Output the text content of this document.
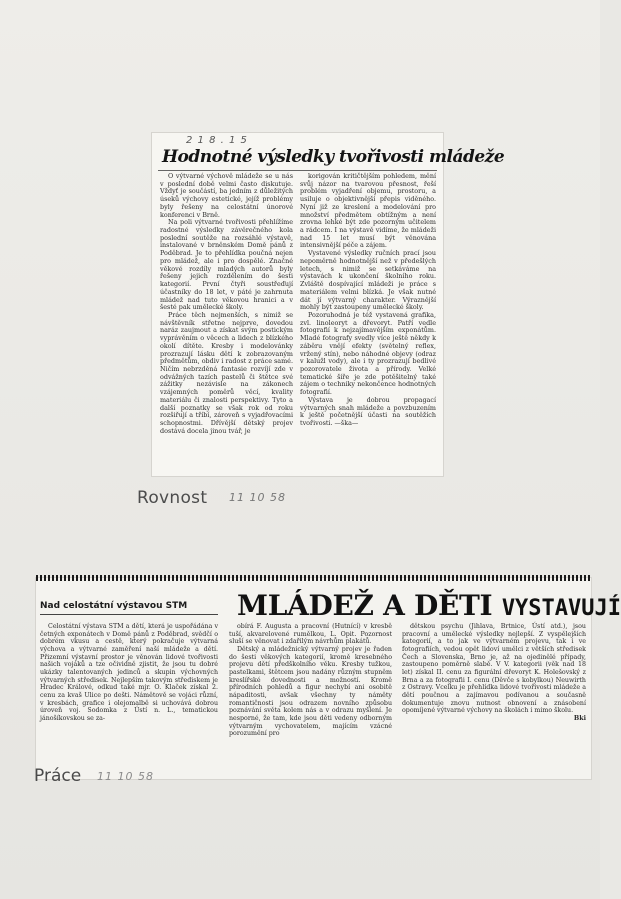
2 1 8 . 1 5
Hodnotné výsledky tvořivosti mládeže

O výtvarné výchově mládeže se u nás v poslední době velmi často diskutuje. Vždyť je součástí, ba jedním z důležitých úseků výchovy estetické, jejíž problémy byly řešeny na celostátní únorové konferenci v Brně.

Na poli výtvarné tvořivosti přehlížíme radostné výsledky závěrečného kola poslední soutěže na rozsáhlé výstavě, instalované v brněnském Domě pánů z Poděbrad. Je to přehlídka poučná nejen pro mládež, ale i pro dospělé. Značné věkové rozdíly mladých autorů byly řešeny jejich rozdělením do šesti kategorií. První čtyři soustřeďují účastníky do 18 let, v páté je zahrnuta mládež nad tuto věkovou hranici a v šesté pak umělecké školy.

Práce těch nejmenších, s nimiž se návštěvník střetne nejprve, dovedou naráz zaujmout a získat svým postickým vyprávěním o věcech a lidech z blízkého okolí dítěte. Kresby i modelovánky prozrazují lásku dětí k zobrazovaným předmětům, obdiv i radost z práce samé. Ničím nebrzděná fantasie rozvíjí zde v odvážných tazích pastelů či štětce své zážitky nezávisle na zákonech vzájemných poměrů věcí, kvality materiálu či znalosti perspektivy. Tyto a další poznatky se však rok od roku rozšiřují a tříbí, zároveň s vyjadřovacími schopnostmi. Dřívější dětský projev dostává docela jinou tvář, je

korigován kritičtějším pohledem, mění svůj názor na tvarovou přesnost, řeší problém vyjadření objemu, prostoru, a usiluje o objektivnější přepis viděného. Nyní již ze kreslení a modelování pro množství předmětem obtížným a není zrovna lehké být zde pozorným učitelem a rádcem. I na výstavě vidíme, že mládeži nad 15 let musí být věnována intensivnější péče a zájem.

Vystavené výsledky ručních prací jsou nepoměrně hodnotnější než v předešlých letech, s nimiž se setkáváme na výstavách k ukončení školního roku. Zvláště dospívající mládeži je práce s materiálem velmi blízká. Je však nutné dát jí výtvarný charakter. Výraznější mohly být zastoupeny umělecké školy.

Pozoruhodná je též vystavená grafika, zvl. linoleoryt a dřevoryt. Patří vedle fotografií k nejzajímavějším exponátům. Mladé fotografy svedly více ještě někdy k záběru vnějí efekty (světelný reflex, vržený stín), nebo náhodné objevy (odraz v kalužl vody), ale i ty prozrazují bedlivé pozorovatele života a přírody. Velké tematické šíře je zde potěšitelný také zájem o techniky nekončence hodnotných fotografií.

Výstava je dobrou propagací výtvarných snah mládeže a povzbuzením k ještě početnější účasti na soutěžích tvořivosti. —ška—

Rovnost 11 10 58
Nad celostátní výstavou STM MLÁDEŽ A DĚTI VYSTAVUJÍ

Celostátní výstava STM a dětí, která je uspořádána v četných exponátech v Domě pánů z Poděbrad, svědčí o dobrém vkusu a cestě, který pokračuje výtvarná výchova a výtvarné zaměření naší mládeže a dětí. Přizemní výstavní prostor je věnován lidové tvořivosti našich vojáků a tze očividně zjistit, že jsou tu dobré ukázky talentovaných jedinců a skupin výchovných výtvarných středisek. Nejlepším takovým střediskem je Hradec Králové, odkud také mjr. O. Klaček získal 2. cenu za kvaš Ulice po dešti. Námětově se vojáci různí, v kresbách, grafice i olejomalbě si uchovává dobrou úroveň voj. Sodomka z Ústí n. L., tematickou jánošíkovskou se za-

obírá F. Augusta a pracovní (Hutnící) v kresbě tuší, akvarelovené rumělkou, L. Opit. Pozornost sluší se věnovat i zdařilým návrhům plakátů.

Dětský a mládežnický výtvarný projev je řaden do šesti věkových kategorií, kromě kresebného projevu dětí předškolního věku. Kresby tužkou, pastelkami, štětcem jsou nadány různým stupněm kreslířské dovednosti a možností. Kromě přírodních pohledů a figur nechybí ani osobitě nápaditosti, avšak všechny ty náměty romantičnosti jsou odrazem novního způsobu poznávání světa kolem nás a v odrazu myšlení. Je nesporné, že tam, kde jsou děti vedeny odborným výtvarným vychovatelem, majícím vzácné porozumění pro

dětskou psychu (Jihlava, Brtnice, Ústí atd.), jsou pracovní a umělecké výsledky nejlepší. Z vyspělejších kategorií, a to jak ve výtvarném projevu, tak i ve fotografiích, vedou opět lidoví umělci z větších středisek Čech a Slovenska, Brno je, až na ojedinělé případy, zastoupeno poměrně slabě. V V. kategorii (věk nad 18 let) získal II. cenu za figurální dřevoryt K. Holešovský z Brna a za fotografii I. cenu (Děvče s kobylkou) Neuwirth z Ostravy. Vcelku je přehlídka lidové tvořivosti mládeže a dětí poučnou a zajímavou podívanou a současně dokumentuje znovu nutnost obnovení a znásobení opomíjené výtvarné výchovy na školách i mimo školu.

Bki
Práce 11 10 58
